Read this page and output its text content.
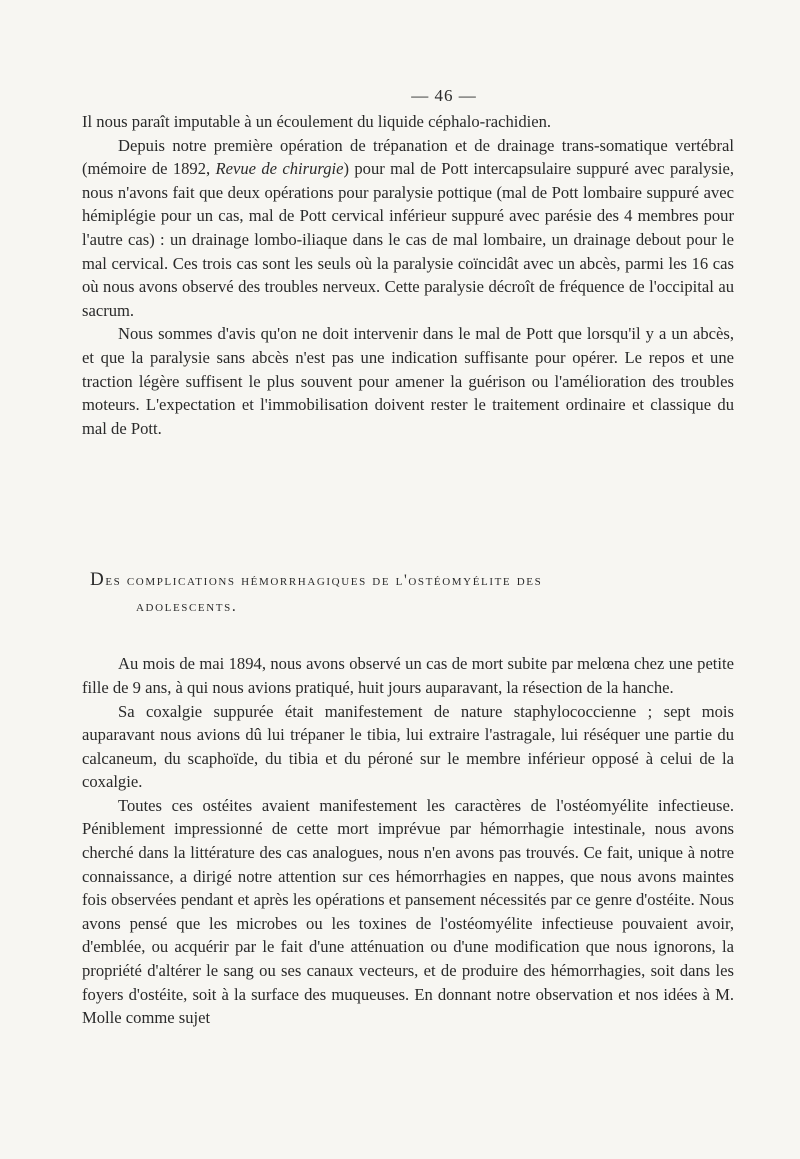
— 46 —

Il nous paraît imputable à un écoulement du liquide céphalo-rachidien.

Depuis notre première opération de trépanation et de drainage trans-somatique vertébral (mémoire de 1892, Revue de chirurgie) pour mal de Pott intercapsulaire suppuré avec paralysie, nous n'avons fait que deux opérations pour paralysie pottique (mal de Pott lombaire suppuré avec hémiplégie pour un cas, mal de Pott cervical inférieur suppuré avec parésie des 4 membres pour l'autre cas) : un drainage lombo-iliaque dans le cas de mal lombaire, un drainage debout pour le mal cervical. Ces trois cas sont les seuls où la paralysie coïncidât avec un abcès, parmi les 16 cas où nous avons observé des troubles nerveux. Cette paralysie décroît de fréquence de l'occipital au sacrum.

Nous sommes d'avis qu'on ne doit intervenir dans le mal de Pott que lorsqu'il y a un abcès, et que la paralysie sans abcès n'est pas une indication suffisante pour opérer. Le repos et une traction légère suffisent le plus souvent pour amener la guérison ou l'amélioration des troubles moteurs. L'expectation et l'immobilisation doivent rester le traitement ordinaire et classique du mal de Pott.

Des complications hémorrhagiques de l'ostéomyélite des
adolescents.

Au mois de mai 1894, nous avons observé un cas de mort subite par melœna chez une petite fille de 9 ans, à qui nous avions pratiqué, huit jours auparavant, la résection de la hanche.

Sa coxalgie suppurée était manifestement de nature staphylococcienne ; sept mois auparavant nous avions dû lui trépaner le tibia, lui extraire l'astragale, lui réséquer une partie du calcaneum, du scaphoïde, du tibia et du péroné sur le membre inférieur opposé à celui de la coxalgie.

Toutes ces ostéites avaient manifestement les caractères de l'ostéomyélite infectieuse. Péniblement impressionné de cette mort imprévue par hémorrhagie intestinale, nous avons cherché dans la littérature des cas analogues, nous n'en avons pas trouvés. Ce fait, unique à notre connaissance, a dirigé notre attention sur ces hémorrhagies en nappes, que nous avons maintes fois observées pendant et après les opérations et pansement nécessités par ce genre d'ostéite. Nous avons pensé que les microbes ou les toxines de l'ostéomyélite infectieuse pouvaient avoir, d'emblée, ou acquérir par le fait d'une atténuation ou d'une modification que nous ignorons, la propriété d'altérer le sang ou ses canaux vecteurs, et de produire des hémorrhagies, soit dans les foyers d'ostéite, soit à la surface des muqueuses. En donnant notre observation et nos idées à M. Molle comme sujet
